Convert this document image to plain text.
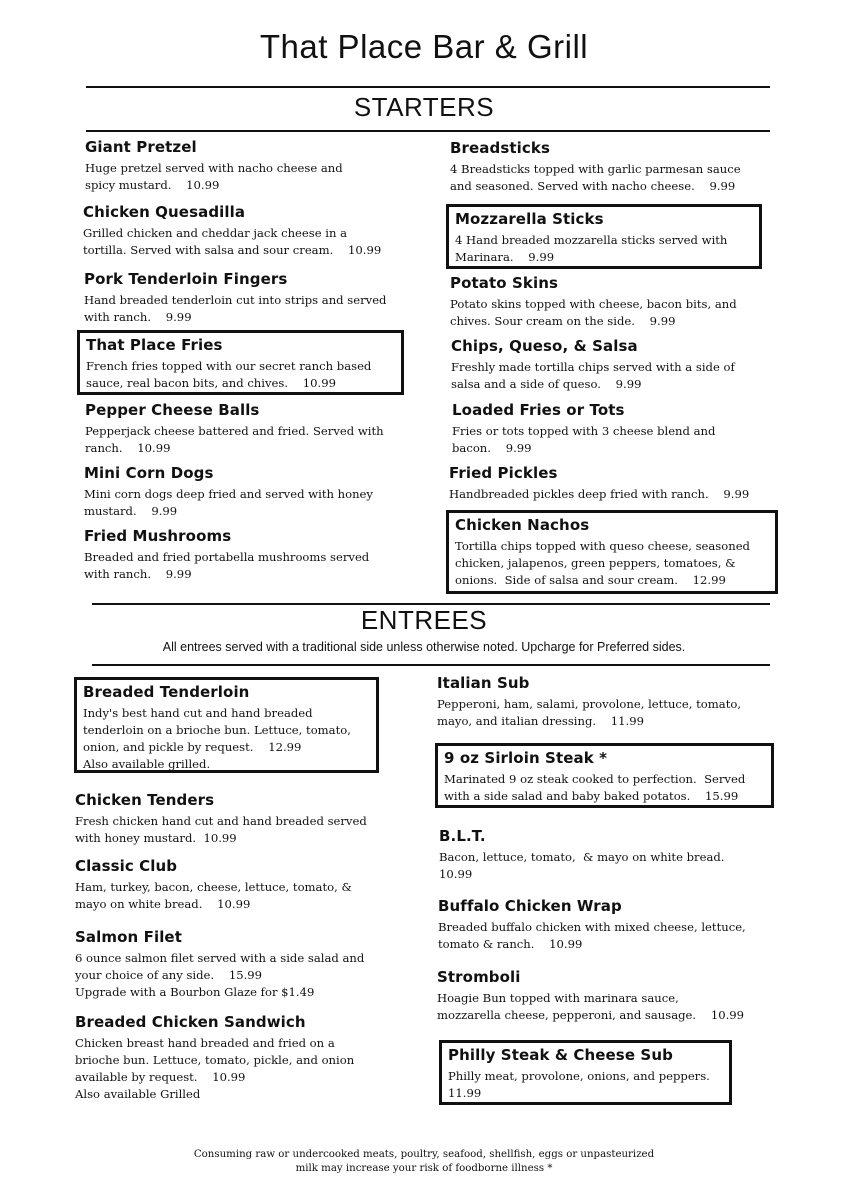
That Place Bar & Grill
STARTERS
Giant Pretzel
Huge pretzel served with nacho cheese and
spicy mustard.    10.99
Chicken Quesadilla
Grilled chicken and cheddar jack cheese in a
tortilla. Served with salsa and sour cream.    10.99
Pork Tenderloin Fingers
Hand breaded tenderloin cut into strips and served
with ranch.    9.99
That Place Fries
French fries topped with our secret ranch based
sauce, real bacon bits, and chives.    10.99
Pepper Cheese Balls
Pepperjack cheese battered and fried. Served with
ranch.    10.99
Mini Corn Dogs
Mini corn dogs deep fried and served with honey
mustard.    9.99
Fried Mushrooms
Breaded and fried portabella mushrooms served
with ranch.    9.99
Breadsticks
4 Breadsticks topped with garlic parmesan sauce
and seasoned. Served with nacho cheese.    9.99
Mozzarella Sticks
4 Hand breaded mozzarella sticks served with
Marinara.    9.99
Potato Skins
Potato skins topped with cheese, bacon bits, and
chives. Sour cream on the side.    9.99
Chips, Queso, & Salsa
Freshly made tortilla chips served with a side of
salsa and a side of queso.    9.99
Loaded Fries or Tots
Fries or tots topped with 3 cheese blend and
bacon.    9.99
Fried Pickles
Handbreaded pickles deep fried with ranch.    9.99
Chicken Nachos
Tortilla chips topped with queso cheese, seasoned
chicken, jalapenos, green peppers, tomatoes, &
onions.  Side of salsa and sour cream.    12.99
ENTREES
All entrees served with a traditional side unless otherwise noted. Upcharge for Preferred sides.
Breaded Tenderloin
Indy's best hand cut and hand breaded
tenderloin on a brioche bun. Lettuce, tomato,
onion, and pickle by request.    12.99
Also available grilled.
Chicken Tenders
Fresh chicken hand cut and hand breaded served
with honey mustard.  10.99
Classic Club
Ham, turkey, bacon, cheese, lettuce, tomato, &
mayo on white bread.    10.99
Salmon Filet
6 ounce salmon filet served with a side salad and
your choice of any side.    15.99
Upgrade with a Bourbon Glaze for $1.49
Breaded Chicken Sandwich
Chicken breast hand breaded and fried on a
brioche bun. Lettuce, tomato, pickle, and onion
available by request.    10.99
Also available Grilled
Italian Sub
Pepperoni, ham, salami, provolone, lettuce, tomato,
mayo, and italian dressing.    11.99
9 oz Sirloin Steak *
Marinated 9 oz steak cooked to perfection.  Served
with a side salad and baby baked potatos.    15.99
B.L.T.
Bacon, lettuce, tomato,  & mayo on white bread.
10.99
Buffalo Chicken Wrap
Breaded buffalo chicken with mixed cheese, lettuce,
tomato & ranch.    10.99
Stromboli
Hoagie Bun topped with marinara sauce,
mozzarella cheese, pepperoni, and sausage.    10.99
Philly Steak & Cheese Sub
Philly meat, provolone, onions, and peppers.
11.99
Consuming raw or undercooked meats, poultry, seafood, shellfish, eggs or unpasteurized
milk may increase your risk of foodborne illness *
